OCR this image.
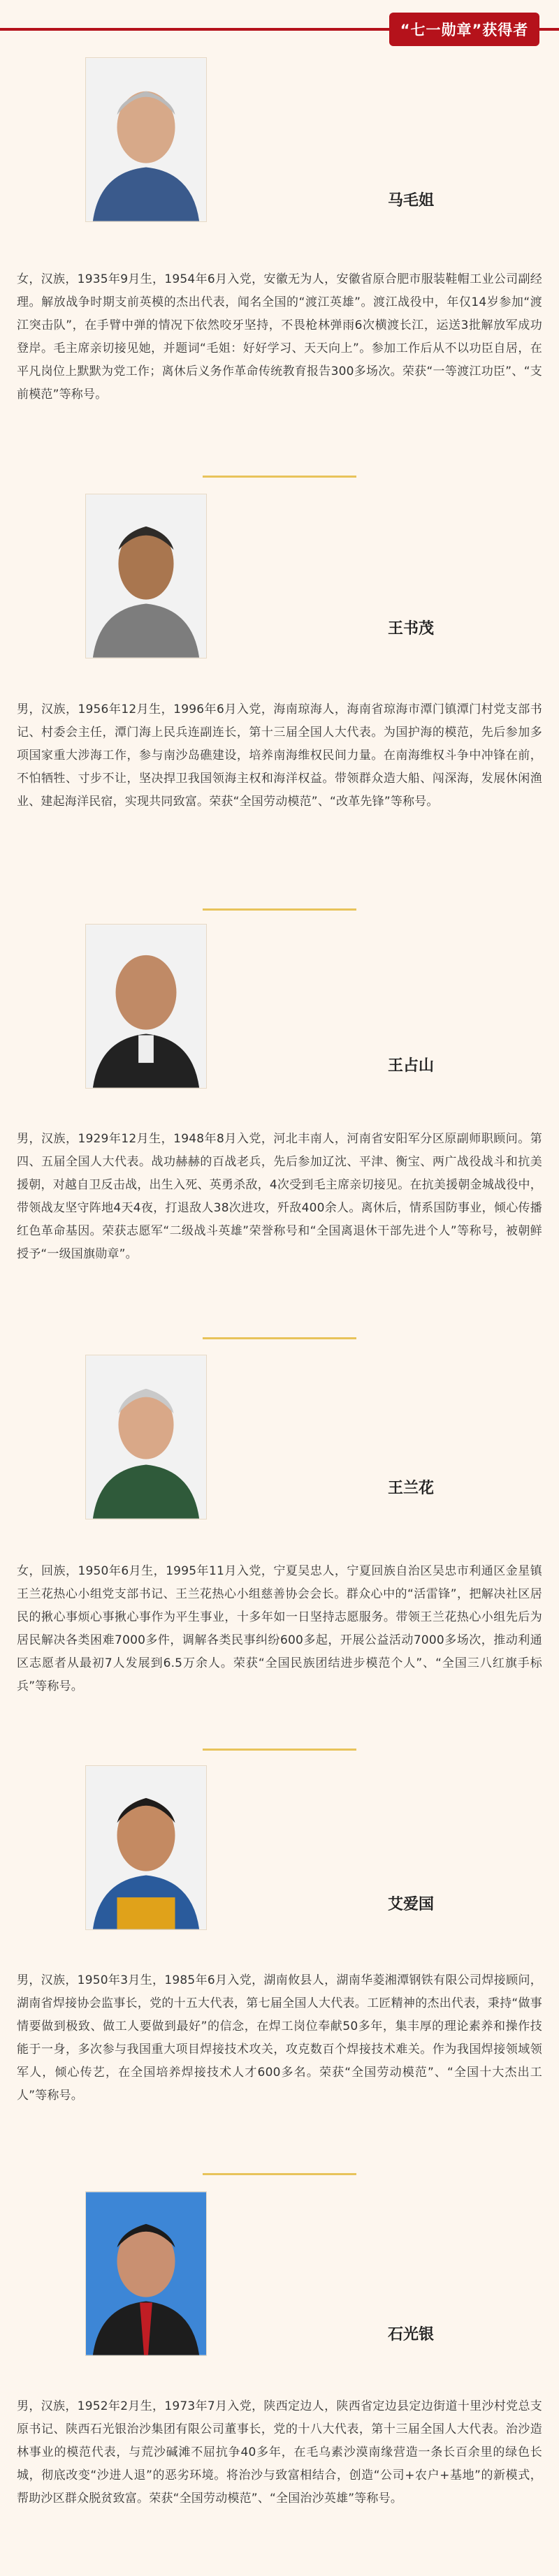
“七一勋章”获得者
马毛姐
女，汉族，1935年9月生，1954年6月入党，安徽无为人，安徽省原合肥市服装鞋帽工业公司副经理。解放战争时期支前英模的杰出代表，闻名全国的“渡江英雄”。渡江战役中，年仅14岁参加“渡江突击队”，在手臂中弹的情况下依然咬牙坚持，不畏枪林弹雨6次横渡长江，运送3批解放军成功登岸。毛主席亲切接见她，并题词“毛姐：好好学习、天天向上”。参加工作后从不以功臣自居，在平凡岗位上默默为党工作；离休后义务作革命传统教育报告300多场次。荣获“一等渡江功臣”、“支前模范”等称号。
王书茂
男，汉族，1956年12月生，1996年6月入党，海南琼海人，海南省琼海市潭门镇潭门村党支部书记、村委会主任，潭门海上民兵连副连长，第十三届全国人大代表。为国护海的模范，先后参加多项国家重大涉海工作，参与南沙岛礁建设，培养南海维权民间力量。在南海维权斗争中冲锋在前，不怕牺牲、寸步不让，坚决捍卫我国领海主权和海洋权益。带领群众造大船、闯深海，发展休闲渔业、建起海洋民宿，实现共同致富。荣获“全国劳动模范”、“改革先锋”等称号。
王占山
男，汉族，1929年12月生，1948年8月入党，河北丰南人，河南省安阳军分区原副师职顾问。第四、五届全国人大代表。战功赫赫的百战老兵，先后参加辽沈、平津、衡宝、两广战役战斗和抗美援朝，对越自卫反击战，出生入死、英勇杀敌，4次受到毛主席亲切接见。在抗美援朝金城战役中，带领战友坚守阵地4天4夜，打退敌人38次进攻，歼敌400余人。离休后，情系国防事业，倾心传播红色革命基因。荣获志愿军“二级战斗英雄”荣誉称号和“全国离退休干部先进个人”等称号，被朝鲜授予“一级国旗勋章”。
王兰花
女，回族，1950年6月生，1995年11月入党，宁夏吴忠人，宁夏回族自治区吴忠市利通区金星镇王兰花热心小组党支部书记、王兰花热心小组慈善协会会长。群众心中的“活雷锋”，把解决社区居民的揪心事烦心事揪心事作为平生事业，十多年如一日坚持志愿服务。带领王兰花热心小组先后为居民解决各类困难7000多件，调解各类民事纠纷600多起，开展公益活动7000多场次，推动利通区志愿者从最初7人发展到6.5万余人。荣获“全国民族团结进步模范个人”、“全国三八红旗手标兵”等称号。
艾爱国
男，汉族，1950年3月生，1985年6月入党，湖南攸县人，湖南华菱湘潭钢铁有限公司焊接顾问，湖南省焊接协会监事长，党的十五大代表，第七届全国人大代表。工匠精神的杰出代表，秉持“做事情要做到极致、做工人要做到最好”的信念，在焊工岗位奉献50多年，集丰厚的理论素养和操作技能于一身，多次参与我国重大项目焊接技术攻关，攻克数百个焊接技术难关。作为我国焊接领域领军人，倾心传艺，在全国培养焊接技术人才600多名。荣获“全国劳动模范”、“全国十大杰出工人”等称号。
石光银
男，汉族，1952年2月生，1973年7月入党，陕西定边人，陕西省定边县定边街道十里沙村党总支原书记、陕西石光银治沙集团有限公司董事长，党的十八大代表，第十三届全国人大代表。治沙造林事业的模范代表，与荒沙碱滩不屈抗争40多年，在毛乌素沙漠南缘营造一条长百余里的绿色长城，彻底改变“沙进人退”的恶劣环境。将治沙与致富相结合，创造“公司+农户+基地”的新模式，帮助沙区群众脱贫致富。荣获“全国劳动模范”、“全国治沙英雄”等称号。
